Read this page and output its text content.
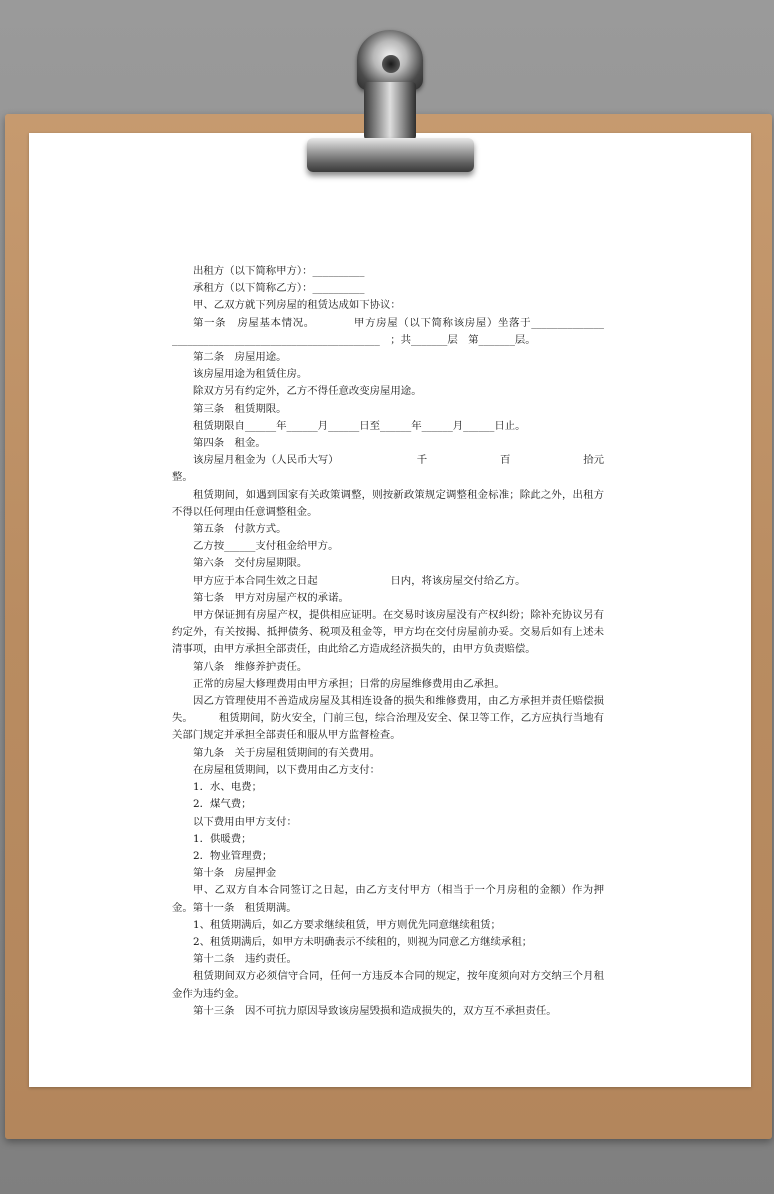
出租方（以下简称甲方）：__________

承租方（以下简称乙方）：__________

甲、乙双方就下列房屋的租赁达成如下协议：

第一条　房屋基本情况。　　　　甲方房屋（以下简称该房屋）坐落于______________ ________________________________________　；共_______层　第_______层。

第二条　房屋用途。

该房屋用途为租赁住房。

除双方另有约定外，乙方不得任意改变房屋用途。

第三条　租赁期限。

租赁期限自______年______月______日至______年______月______日止。

第四条　租金。

该房屋月租金为（人民币大写）　　　　　　　　千　　　　　　　百　　　　　　　拾元整。

租赁期间，如遇到国家有关政策调整，则按新政策规定调整租金标准；除此之外，出租方不得以任何理由任意调整租金。

第五条　付款方式。

乙方按______支付租金给甲方。

第六条　交付房屋期限。

甲方应于本合同生效之日起　　　　　　　日内，将该房屋交付给乙方。

第七条　甲方对房屋产权的承诺。

甲方保证拥有房屋产权，提供相应证明。在交易时该房屋没有产权纠纷；除补充协议另有约定外，有关按揭、抵押债务、税项及租金等，甲方均在交付房屋前办妥。交易后如有上述未清事项，由甲方承担全部责任，由此给乙方造成经济损失的，由甲方负责赔偿。

第八条　维修养护责任。

正常的房屋大修理费用由甲方承担；日常的房屋维修费用由乙承担。

因乙方管理使用不善造成房屋及其相连设备的损失和维修费用，由乙方承担并责任赔偿损失。　　　租赁期间，防火安全，门前三包，综合治理及安全、保卫等工作，乙方应执行当地有关部门规定并承担全部责任和服从甲方监督检查。

第九条　关于房屋租赁期间的有关费用。

在房屋租赁期间，以下费用由乙方支付：

1．水、电费；

2．煤气费；

以下费用由甲方支付：

1．供暖费；

2．物业管理费；

第十条　房屋押金

甲、乙双方自本合同签订之日起，由乙方支付甲方（相当于一个月房租的金额）作为押金。第十一条　租赁期满。

1、租赁期满后，如乙方要求继续租赁，甲方则优先同意继续租赁；

2、租赁期满后，如甲方未明确表示不续租的，则视为同意乙方继续承租；

第十二条　违约责任。

租赁期间双方必须信守合同，任何一方违反本合同的规定，按年度须向对方交纳三个月租金作为违约金。

第十三条　因不可抗力原因导致该房屋毁损和造成损失的，双方互不承担责任。
